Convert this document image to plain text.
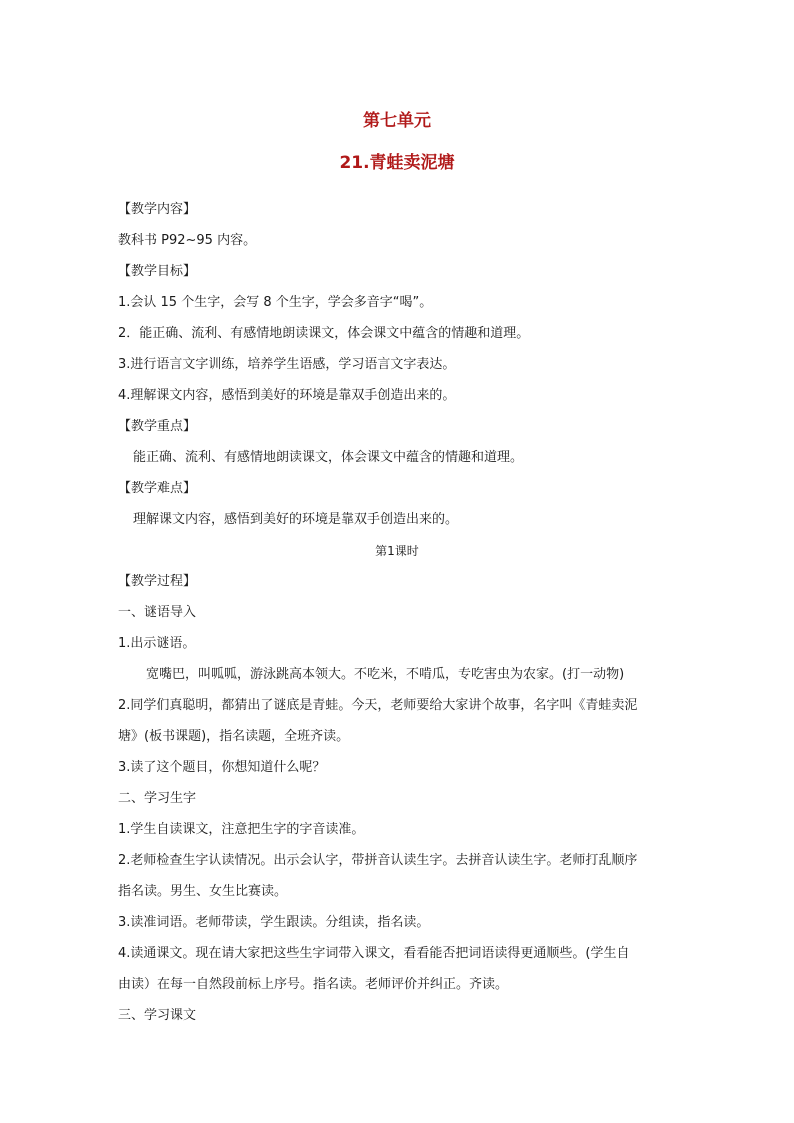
第七单元
21.青蛙卖泥塘
【教学内容】
教科书 P92~95 内容。
【教学目标】
1.会认 15 个生字，会写 8 个生字，学会多音字“喝”。
2．能正确、流利、有感情地朗读课文，体会课文中蕴含的情趣和道理。
3.进行语言文字训练，培养学生语感，学习语言文字表达。
4.理解课文内容，感悟到美好的环境是靠双手创造出来的。
【教学重点】
能正确、流利、有感情地朗读课文，体会课文中蕴含的情趣和道理。
【教学难点】
理解课文内容，感悟到美好的环境是靠双手创造出来的。
第1课时
【教学过程】
一、谜语导入
1.出示谜语。
宽嘴巴，叫呱呱，游泳跳高本领大。不吃米，不啃瓜，专吃害虫为农家。(打一动物)
2.同学们真聪明，都猜出了谜底是青蛙。今天，老师要给大家讲个故事，名字叫《青蛙卖泥
塘》(板书课题)，指名读题，全班齐读。
3.读了这个题目，你想知道什么呢？
二、学习生字
1.学生自读课文，注意把生字的字音读准。
2.老师检查生字认读情况。出示会认字，带拼音认读生字。去拼音认读生字。老师打乱顺序
指名读。男生、女生比赛读。
3.读准词语。老师带读，学生跟读。分组读，指名读。
4.读通课文。现在请大家把这些生字词带入课文，看看能否把词语读得更通顺些。(学生自
由读）在每一自然段前标上序号。指名读。老师评价并纠正。齐读。
三、学习课文
